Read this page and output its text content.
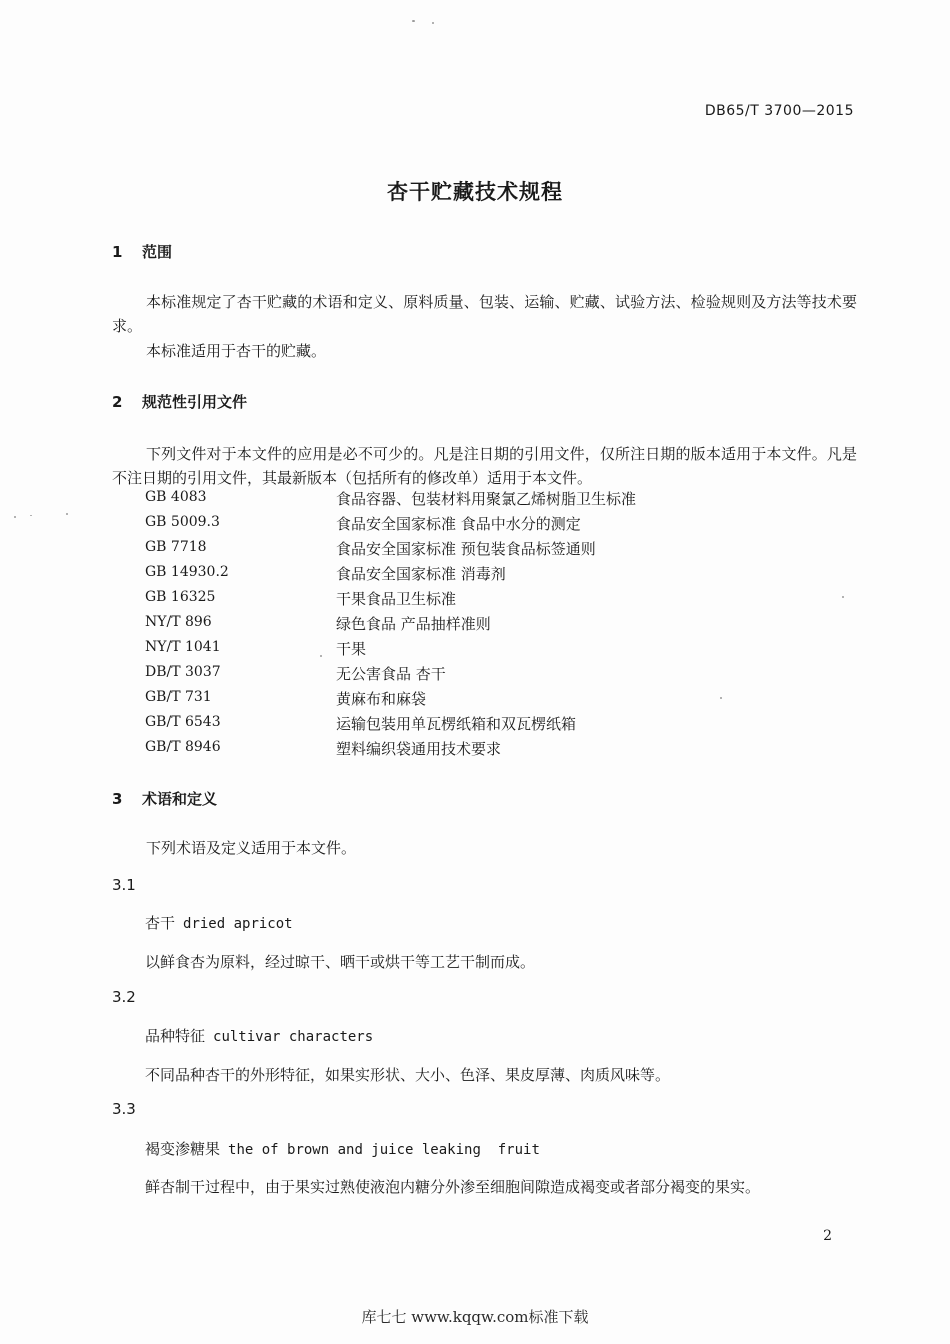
DB65/T 3700—2015
杏干贮藏技术规程
1 范围
本标准规定了杏干贮藏的术语和定义、原料质量、包装、运输、贮藏、试验方法、检验规则及方法等技术要求。
本标准适用于杏干的贮藏。
2 规范性引用文件
下列文件对于本文件的应用是必不可少的。凡是注日期的引用文件，仅所注日期的版本适用于本文件。凡是不注日期的引用文件，其最新版本（包括所有的修改单）适用于本文件。
GB 4083	食品容器、包装材料用聚氯乙烯树脂卫生标准
GB 5009.3	食品安全国家标准 食品中水分的测定
GB 7718	食品安全国家标准 预包装食品标签通则
GB 14930.2	食品安全国家标准 消毒剂
GB 16325	干果食品卫生标准
NY/T 896	绿色食品 产品抽样准则
NY/T 1041	干果
DB/T 3037	无公害食品 杏干
GB/T 731	黄麻布和麻袋
GB/T 6543	运输包装用单瓦楞纸箱和双瓦楞纸箱
GB/T 8946	塑料编织袋通用技术要求
3 术语和定义
下列术语及定义适用于本文件。
3.1
杏干 dried apricot
以鲜食杏为原料，经过晾干、晒干或烘干等工艺干制而成。
3.2
品种特征 cultivar characters
不同品种杏干的外形特征，如果实形状、大小、色泽、果皮厚薄、肉质风味等。
3.3
褐变渗糖果 the of brown and juice leaking  fruit
鲜杏制干过程中，由于果实过熟使液泡内糖分外渗至细胞间隙造成褐变或者部分褐变的果实。
2
库七七 www.kqqw.com标准下载
